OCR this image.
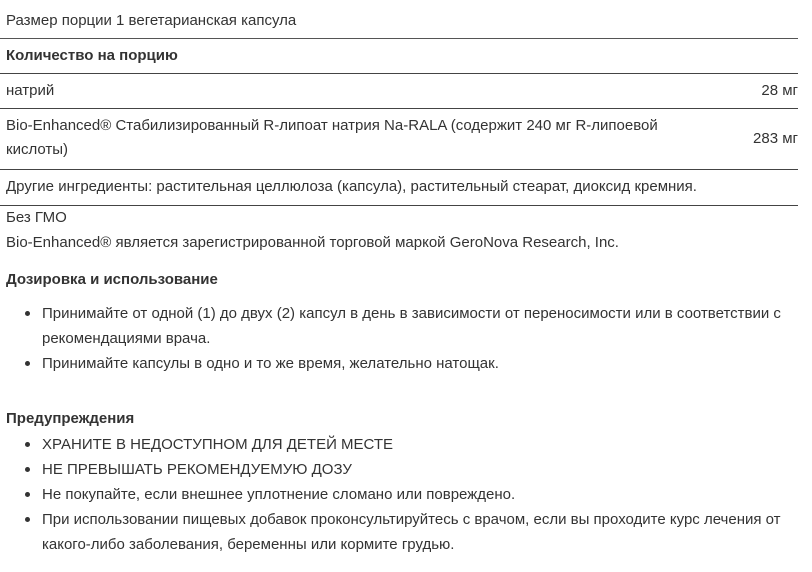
Размер порции 1 вегетарианская капсула
Количество на порцию
натрий	28 мг
Bio-Enhanced® Стабилизированный R-липоат натрия Na-RALA (содержит 240 мг R-липоевой кислоты)
283 мг
Другие ингредиенты: растительная целлюлоза (капсула), растительный стеарат, диоксид кремния.
Без ГМО
Bio-Enhanced® является зарегистрированной торговой маркой GeroNova Research, Inc.
Дозировка и использование
Принимайте от одной (1) до двух (2) капсул в день в зависимости от переносимости или в соответствии с рекомендациями врача.
Принимайте капсулы в одно и то же время, желательно натощак.
Предупреждения
ХРАНИТЕ В НЕДОСТУПНОМ ДЛЯ ДЕТЕЙ МЕСТЕ
НЕ ПРЕВЫШАТЬ РЕКОМЕНДУЕМУЮ ДОЗУ
Не покупайте, если внешнее уплотнение сломано или повреждено.
При использовании пищевых добавок проконсультируйтесь с врачом, если вы проходите курс лечения от какого-либо заболевания, беременны или кормите грудью.
